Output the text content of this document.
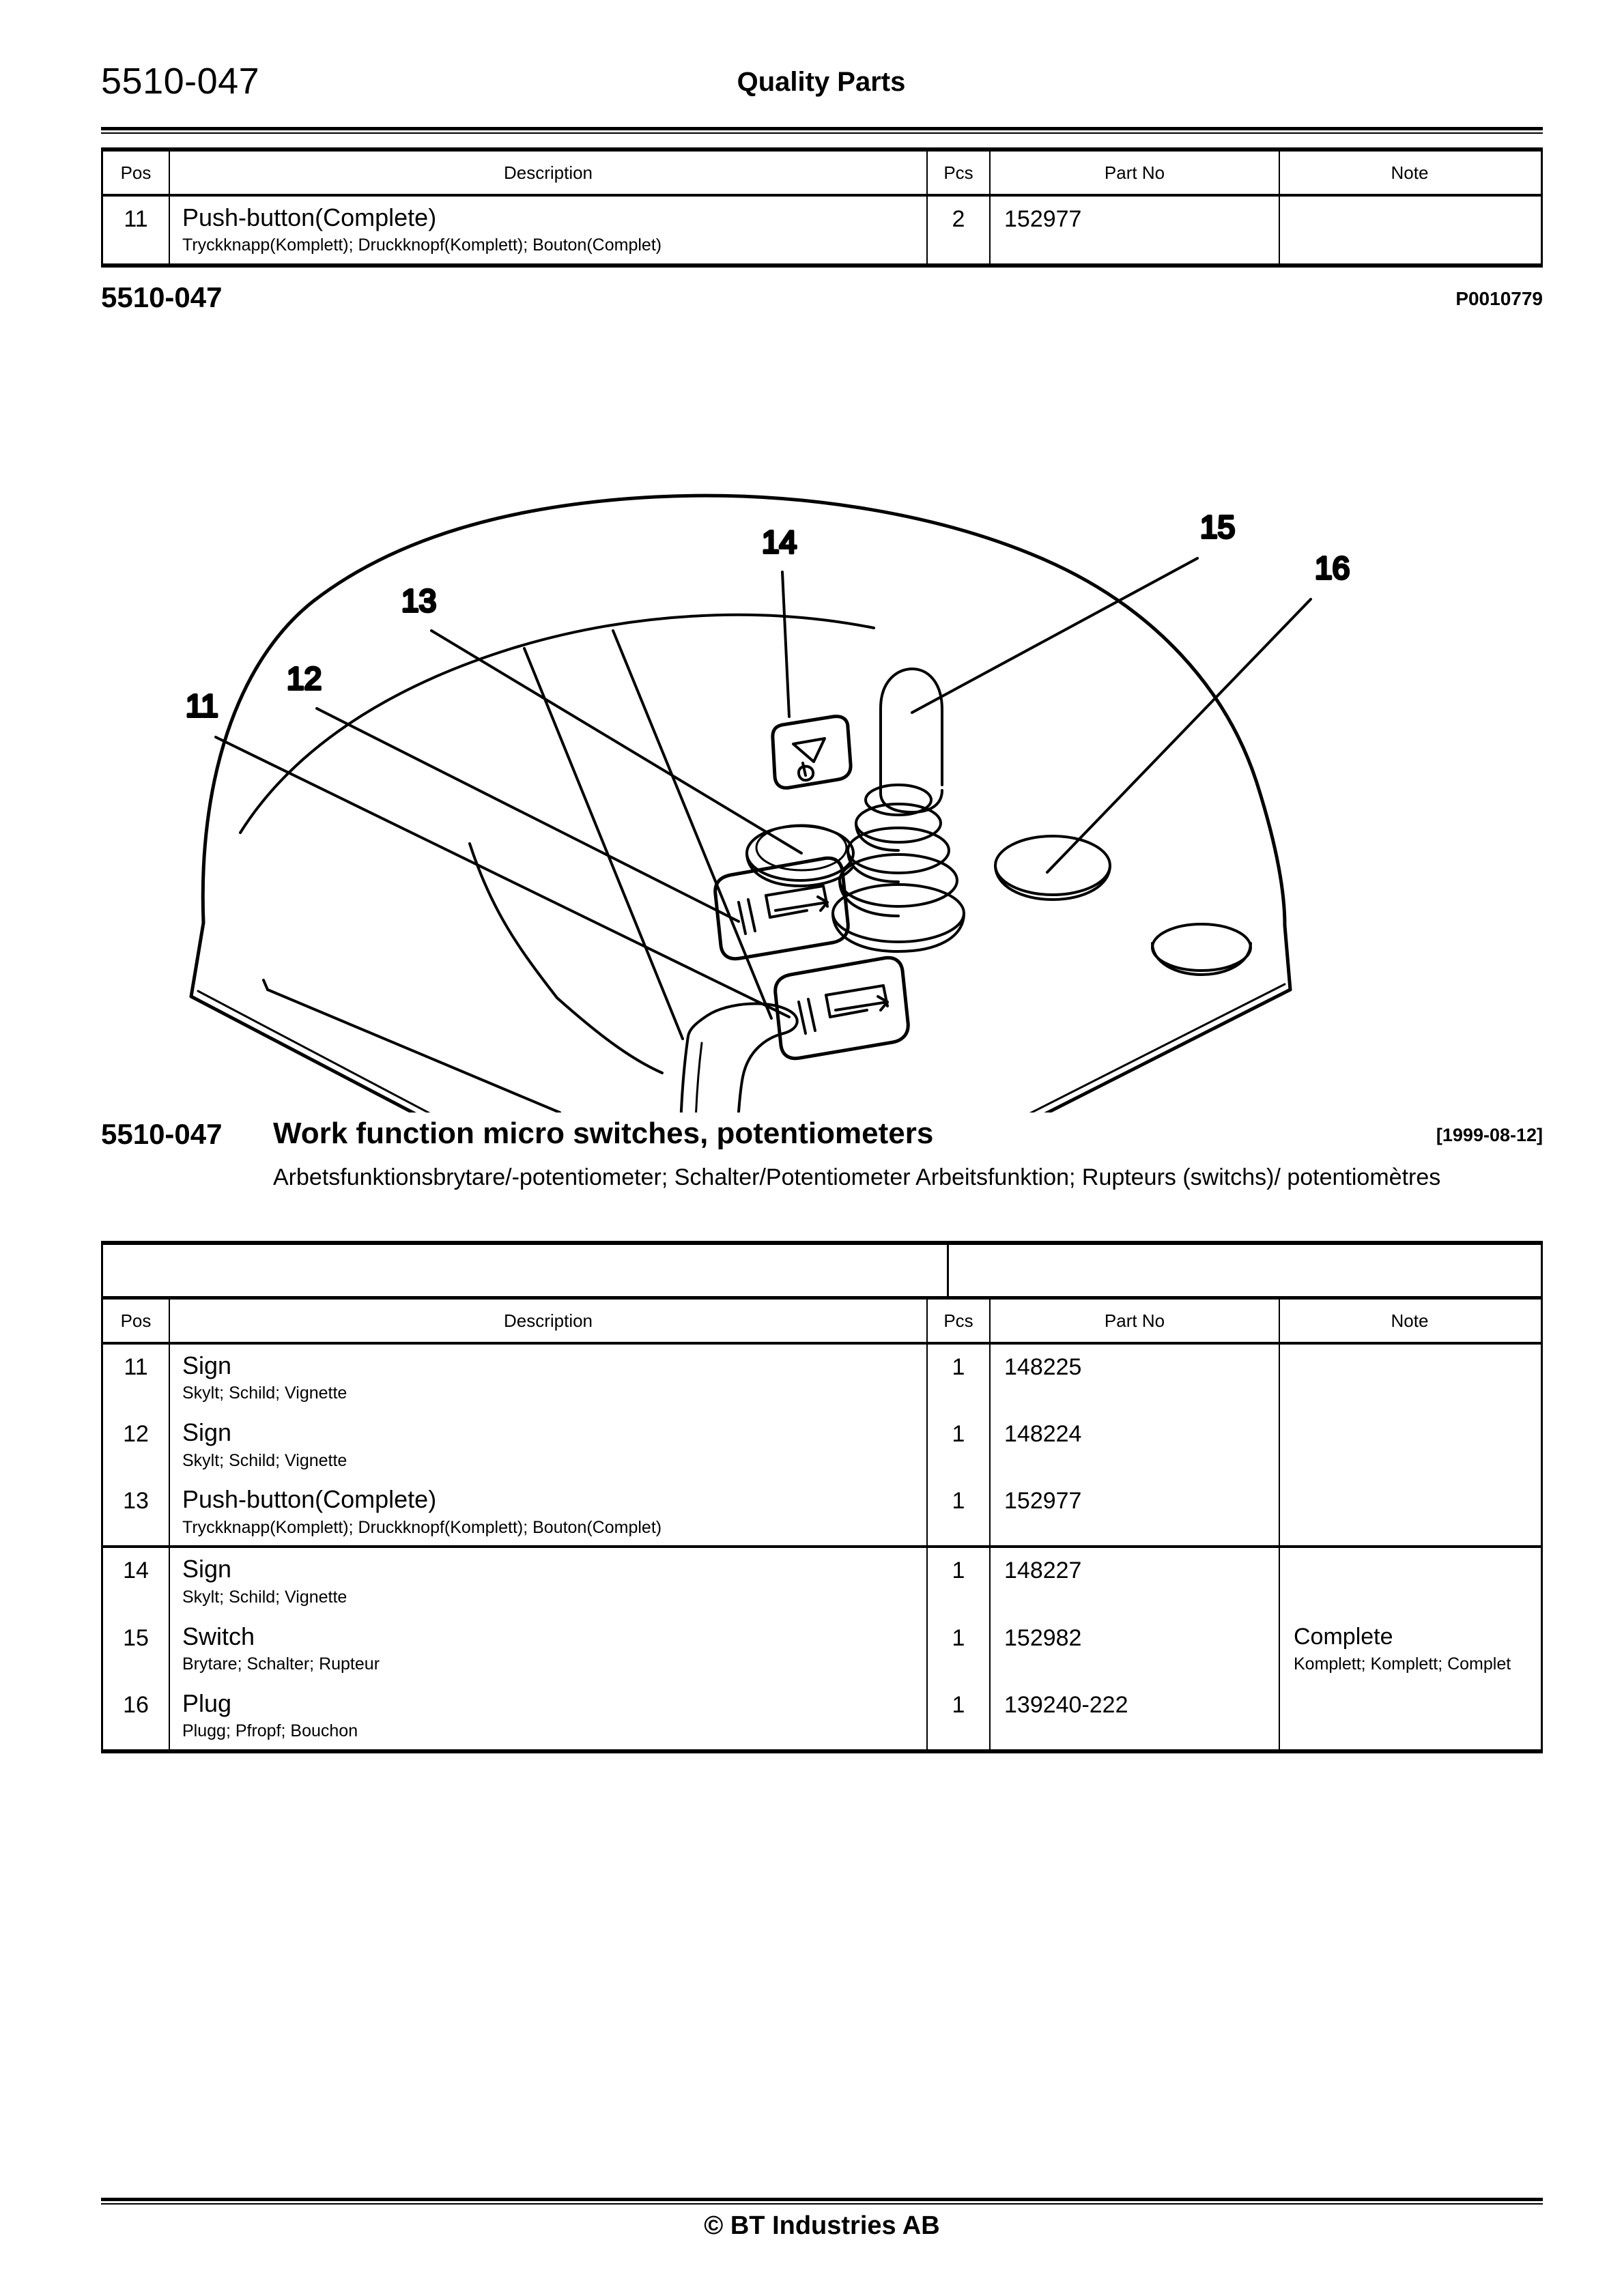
5510-047	Quality Parts
Pos	Description	Pcs	Part No	Note
11	Push-button(Complete)
Tryckknapp(Komplett); Druckknopf(Komplett); Bouton(Complet)
2	152977
5510-047	P0010779
11
12
13
14	15
16
5510-047 Work function micro switches, potentiometers	[1999-08-12]
Arbetsfunktionsbrytare/-potentiometer; Schalter/Potentiometer Arbeitsfunktion; Rupteurs (switchs)/ potentiomètres
Pos	Description	Pcs	Part No	Note
11	Sign
Skylt; Schild; Vignette
1	148225
12	Sign
Skylt; Schild; Vignette
1	148224
13	Push-button(Complete)
Tryckknapp(Komplett); Druckknopf(Komplett); Bouton(Complet)
1	152977
14	Sign
Skylt; Schild; Vignette
1	148227
15	Switch
Brytare; Schalter; Rupteur
1	152982	Complete
Komplett; Komplett; Complet
16	Plug
Plugg; Pfropf; Bouchon
1	139240-222
© BT Industries AB
